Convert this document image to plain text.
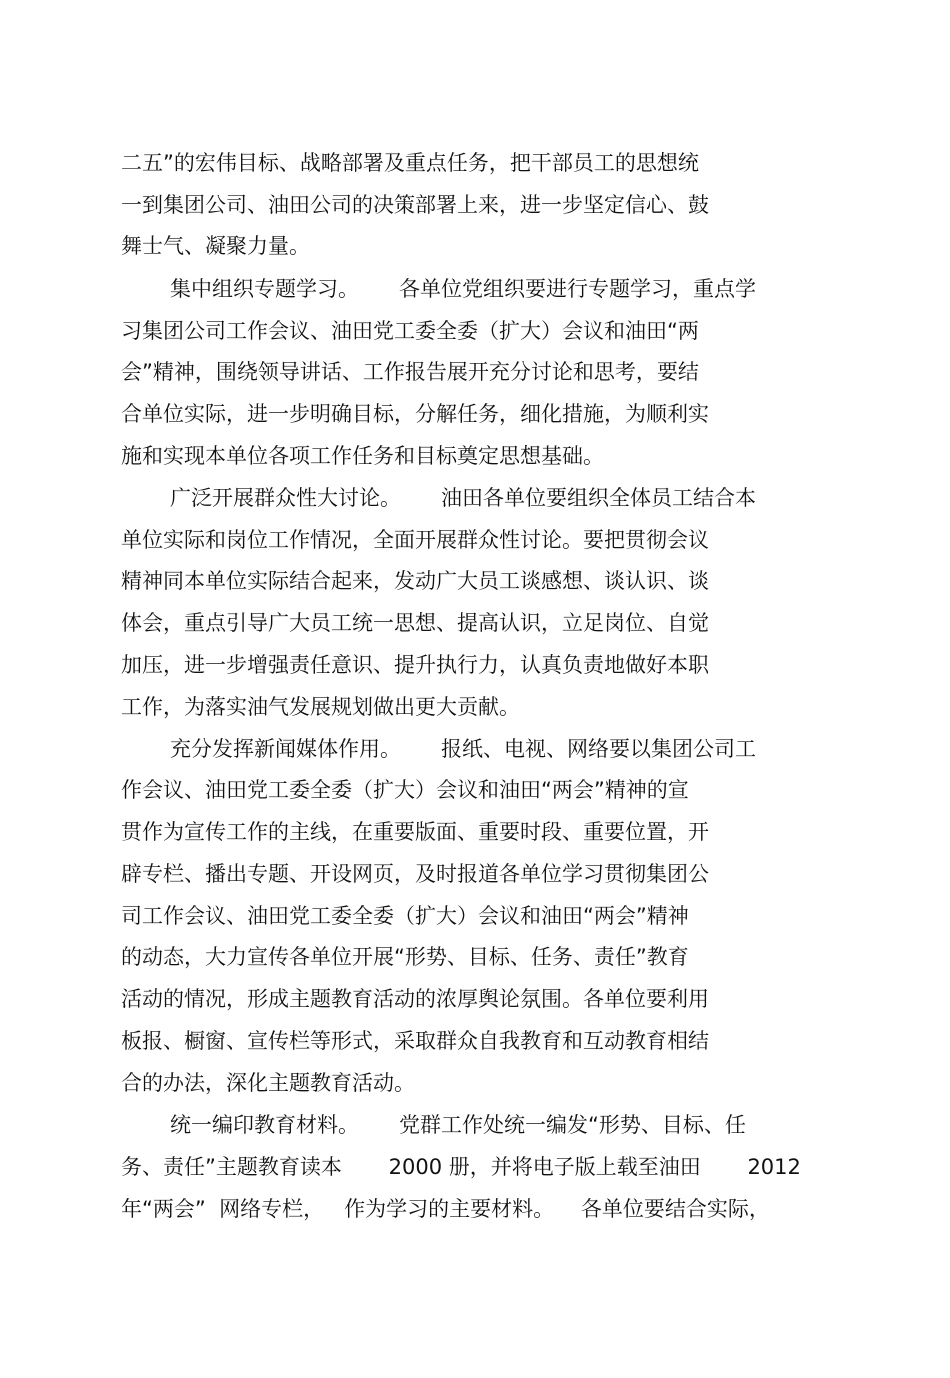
二五”的宏伟目标、战略部署及重点任务，把干部员工的思想统
一到集团公司、油田公司的决策部署上来，进一步坚定信心、鼓
舞士气、凝聚力量。
集中组织专题学习。      各单位党组织要进行专题学习，重点学
习集团公司工作会议、油田党工委全委（扩大）会议和油田“两
会”精神，围绕领导讲话、工作报告展开充分讨论和思考，要结
合单位实际，进一步明确目标，分解任务，细化措施，为顺利实
施和实现本单位各项工作任务和目标奠定思想基础。
广泛开展群众性大讨论。      油田各单位要组织全体员工结合本
单位实际和岗位工作情况，全面开展群众性讨论。要把贯彻会议
精神同本单位实际结合起来，发动广大员工谈感想、谈认识、谈
体会，重点引导广大员工统一思想、提高认识，立足岗位、自觉
加压，进一步增强责任意识、提升执行力，认真负责地做好本职
工作，为落实油气发展规划做出更大贡献。
充分发挥新闻媒体作用。      报纸、电视、网络要以集团公司工
作会议、油田党工委全委（扩大）会议和油田“两会”精神的宣
贯作为宣传工作的主线，在重要版面、重要时段、重要位置，开
辟专栏、播出专题、开设网页，及时报道各单位学习贯彻集团公
司工作会议、油田党工委全委（扩大）会议和油田“两会”精神
的动态，大力宣传各单位开展“形势、目标、任务、责任”教育
活动的情况，形成主题教育活动的浓厚舆论氛围。各单位要利用
板报、橱窗、宣传栏等形式，采取群众自我教育和互动教育相结
合的办法，深化主题教育活动。
统一编印教育材料。      党群工作处统一编发“形势、目标、任
务、责任”主题教育读本       2000 册，并将电子版上载至油田       2012
年“两会”  网络专栏，   作为学习的主要材料。    各单位要结合实际，
